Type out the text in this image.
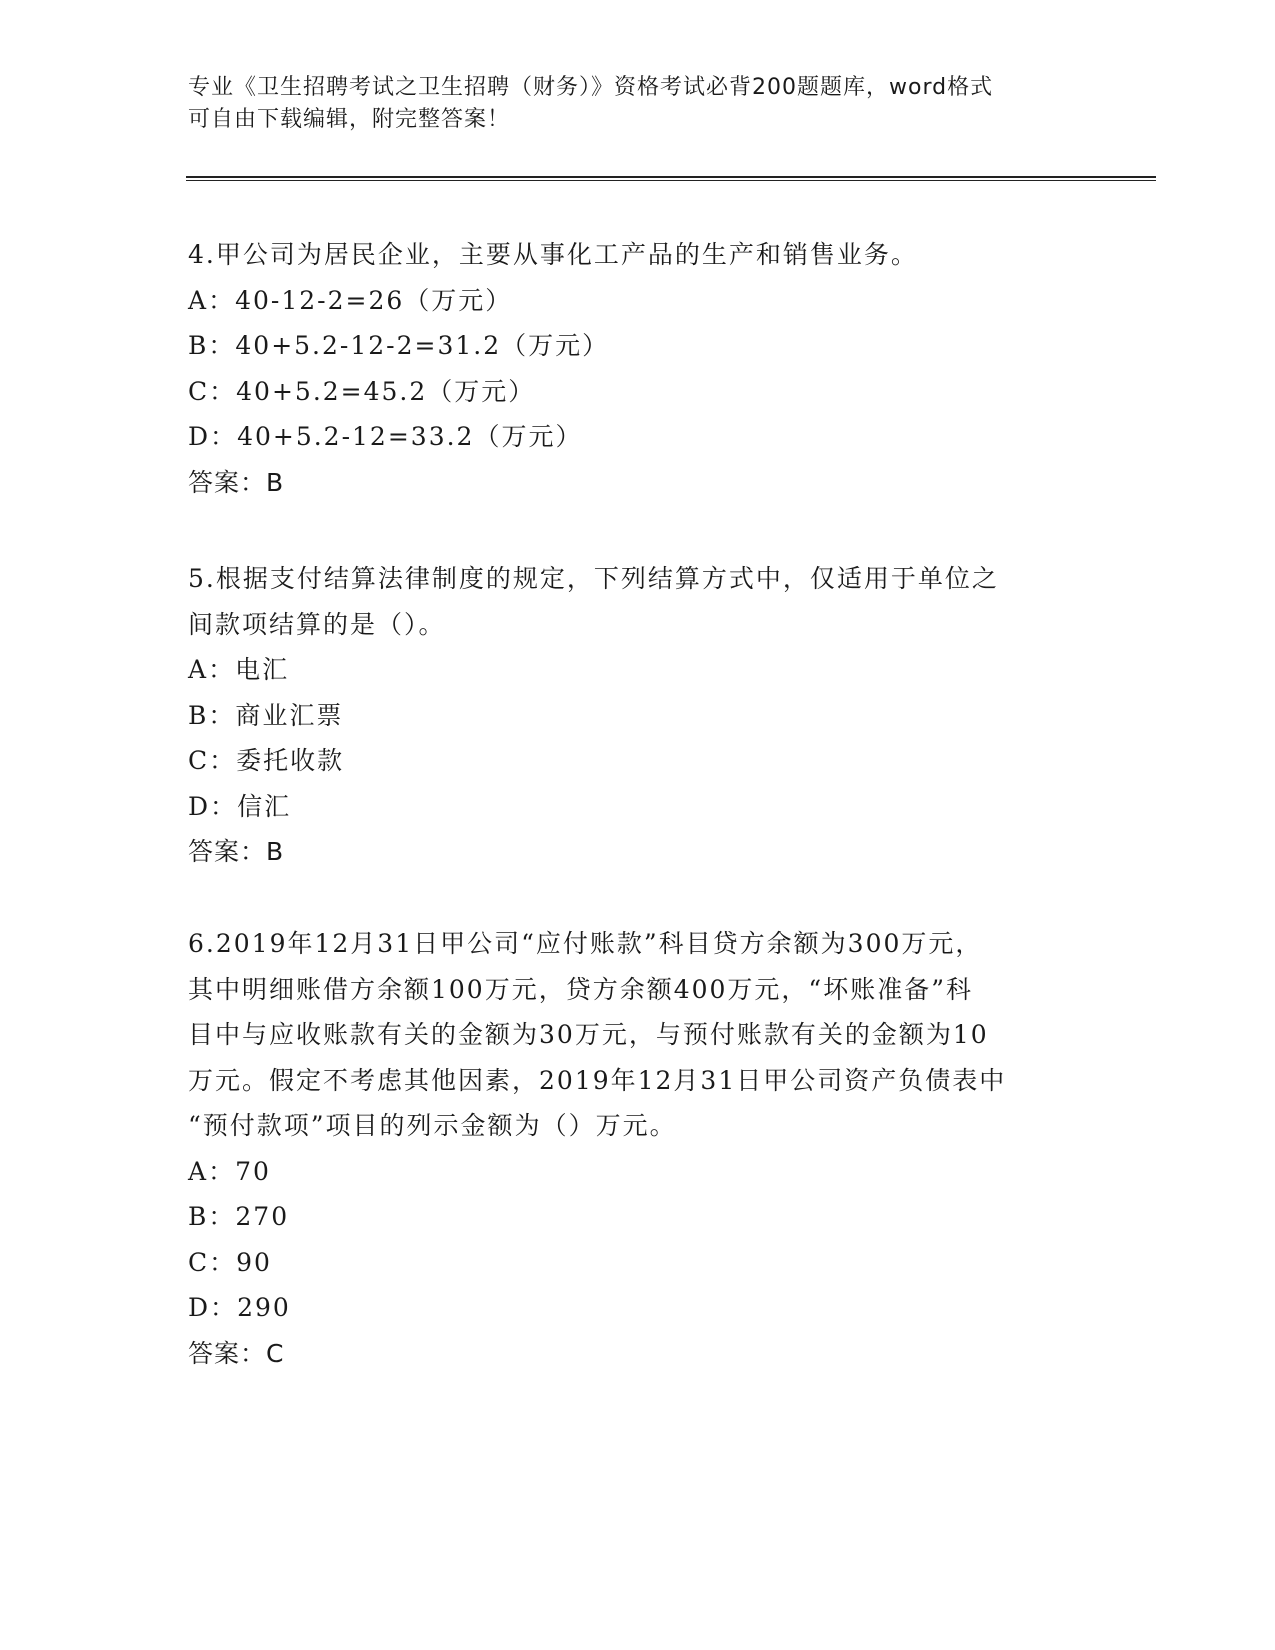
专业《卫生招聘考试之卫生招聘（财务）》资格考试必背200题题库，word格式
可自由下载编辑，附完整答案！

4.甲公司为居民企业，主要从事化工产品的生产和销售业务。

A：40-12-2=26（万元）

B：40+5.2-12-2=31.2（万元）

C：40+5.2=45.2（万元）

D：40+5.2-12=33.2（万元）

答案：B

5.根据支付结算法律制度的规定，下列结算方式中，仅适用于单位之

间款项结算的是（）。

A：电汇

B：商业汇票

C：委托收款

D：信汇

答案：B

6.2019年12月31日甲公司“应付账款”科目贷方余额为300万元，

其中明细账借方余额100万元，贷方余额400万元，“坏账准备”科

目中与应收账款有关的金额为30万元，与预付账款有关的金额为10

万元。假定不考虑其他因素，2019年12月31日甲公司资产负债表中

“预付款项”项目的列示金额为（）万元。

A：70

B：270

C：90

D：290

答案：C
